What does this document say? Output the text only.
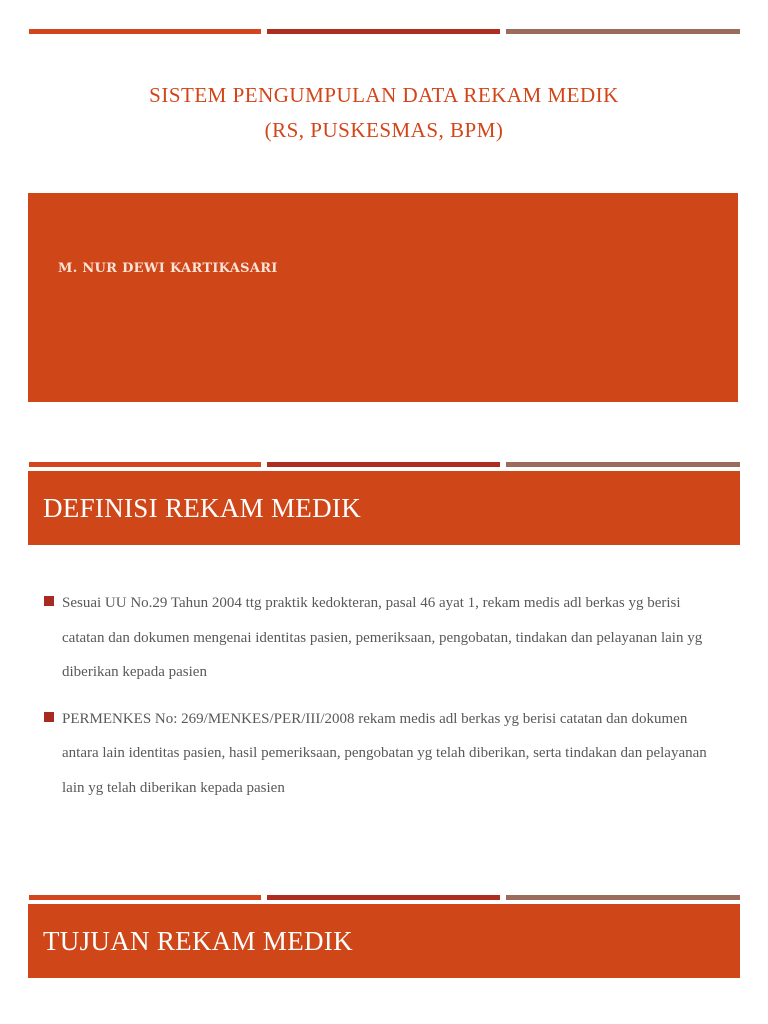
SISTEM PENGUMPULAN DATA REKAM MEDIK
(RS, PUSKESMAS, BPM)
M. NUR DEWI KARTIKASARI
DEFINISI REKAM MEDIK
Sesuai UU No.29 Tahun 2004 ttg praktik kedokteran, pasal 46 ayat 1, rekam medis adl berkas yg berisi catatan dan dokumen mengenai identitas pasien, pemeriksaan, pengobatan, tindakan dan pelayanan lain yg diberikan kepada pasien
PERMENKES No: 269/MENKES/PER/III/2008 rekam medis adl berkas yg berisi catatan dan dokumen antara lain identitas pasien, hasil pemeriksaan, pengobatan yg telah diberikan, serta tindakan dan pelayanan lain yg telah diberikan kepada pasien
TUJUAN REKAM MEDIK
